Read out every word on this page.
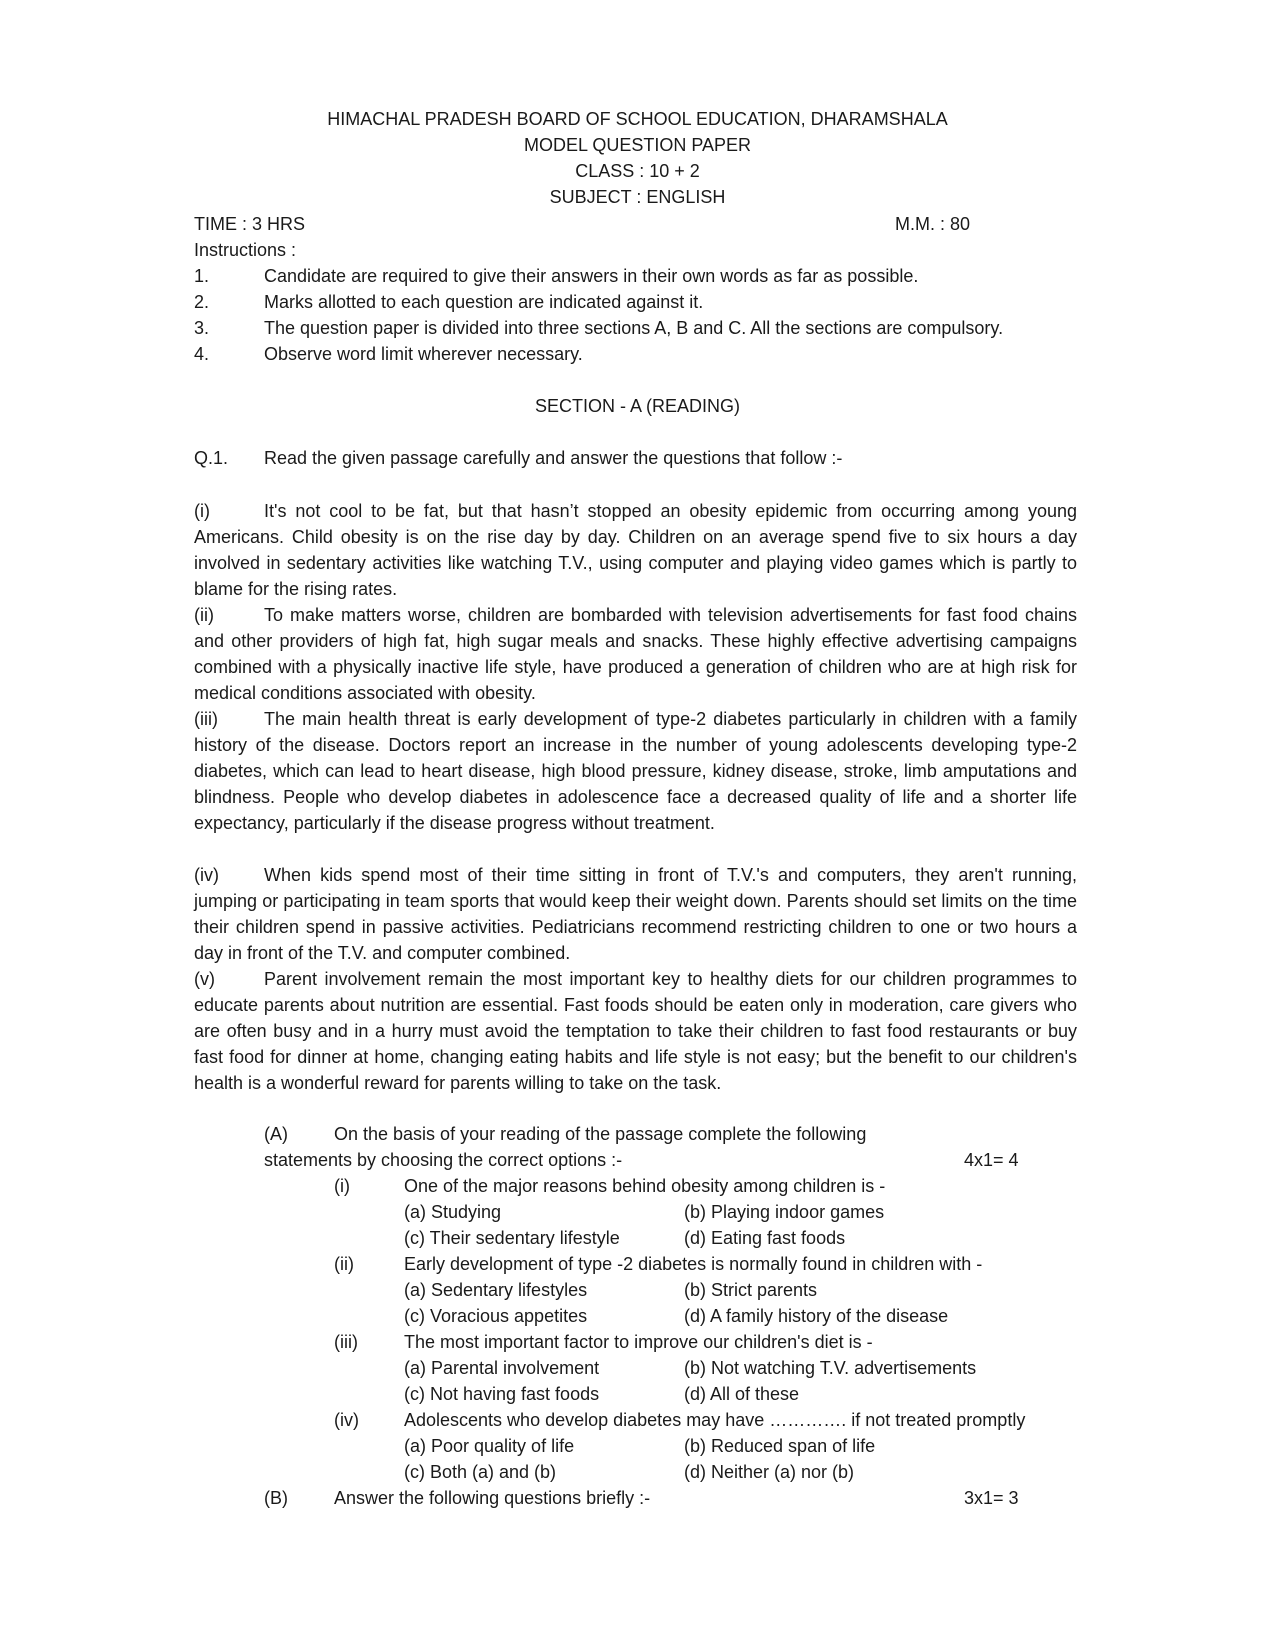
HIMACHAL PRADESH BOARD OF SCHOOL EDUCATION, DHARAMSHALA

MODEL QUESTION PAPER

CLASS : 10 + 2

SUBJECT : ENGLISH

TIME : 3 HRS	M.M. : 80

Instructions :

1.	Candidate are required to give their answers in their own words as far as possible.

2.	Marks allotted to each question are indicated against it.

3.	The question paper is divided into three sections A, B and C. All the sections are compulsory.

4.	Observe word limit wherever necessary.

SECTION - A (READING)

Q.1. Read the given passage carefully and answer the questions that follow :-

(i)	It's not cool to be fat, but that hasn’t stopped an obesity epidemic from occurring among young Americans. Child obesity is on the rise day by day. Children on an average spend five to six hours a day involved in sedentary activities like watching T.V., using computer and playing video games which is partly to blame for the rising rates.

(ii)	To make matters worse, children are bombarded with television advertisements for fast food chains and other providers of high fat, high sugar meals and snacks. These highly effective advertising campaigns combined with a physically inactive life style, have produced a generation of children who are at high risk for medical conditions associated with obesity.

(iii)	The main health threat is early development of type-2 diabetes particularly in children with a family history of the disease. Doctors report an increase in the number of young adolescents developing type-2 diabetes, which can lead to heart disease, high blood pressure, kidney disease, stroke, limb amputations and blindness. People who develop diabetes in adolescence face a decreased quality of life and a shorter life expectancy, particularly if the disease progress without treatment.

(iv)	When kids spend most of their time sitting in front of T.V.'s and computers, they aren't running, jumping or participating in team sports that would keep their weight down. Parents should set limits on the time their children spend in passive activities. Pediatricians recommend restricting children to one or two hours a day in front of the T.V. and computer combined.

(v)	Parent involvement remain the most important key to healthy diets for our children programmes to educate parents about nutrition are essential. Fast foods should be eaten only in moderation, care givers who are often busy and in a hurry must avoid the temptation to take their children to fast food restaurants or buy fast food for dinner at home, changing eating habits and life style is not easy; but the benefit to our children's health is a wonderful reward for parents willing to take on the task.

(A)	On the basis of your reading of the passage complete the following

statements by choosing the correct options :-	4x1= 4

(i)	One of the major reasons behind obesity among children is -

(a) Studying	(b) Playing indoor games

(c) Their sedentary lifestyle	(d) Eating fast foods

(ii)	Early development of type -2 diabetes is normally found in children with -

(a) Sedentary lifestyles	(b) Strict parents

(c) Voracious appetites	(d) A family history of the disease

(iii)	The most important factor to improve our children's diet is -

(a) Parental involvement	(b) Not watching T.V. advertisements

(c) Not having fast foods	(d) All of these

(iv)	Adolescents who develop diabetes may have …………. if not treated promptly

(a) Poor quality of life	(b) Reduced span of life

(c) Both (a) and (b)	(d) Neither (a) nor (b)

(B)	Answer the following questions briefly :-	3x1= 3
